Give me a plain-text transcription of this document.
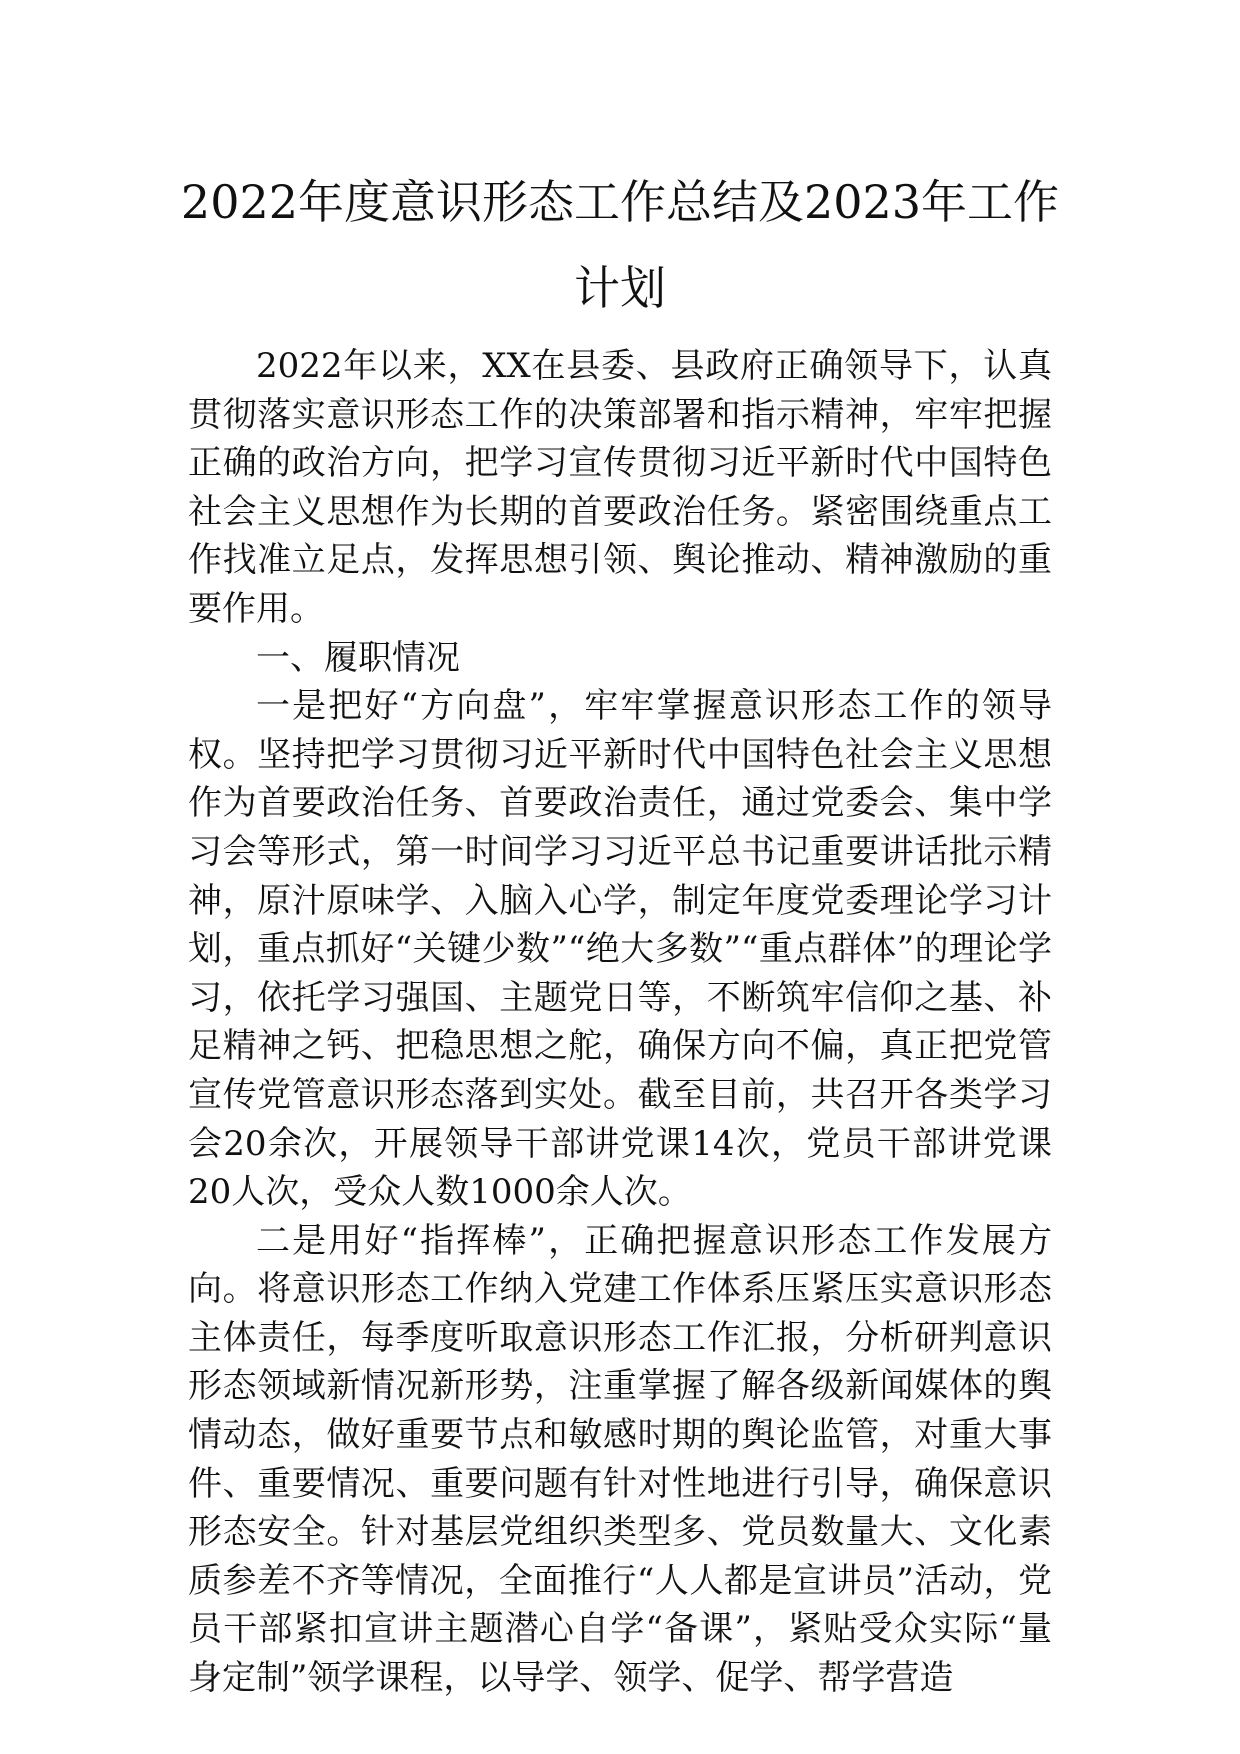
2022年度意识形态工作总结及2023年工作
计划

2022年以来，XX在县委、县政府正确领导下，认真贯彻落实意识形态工作的决策部署和指示精神，牢牢把握正确的政治方向，把学习宣传贯彻习近平新时代中国特色社会主义思想作为长期的首要政治任务。紧密围绕重点工作找准立足点，发挥思想引领、舆论推动、精神激励的重要作用。

一、履职情况

一是把好“方向盘”，牢牢掌握意识形态工作的领导权。坚持把学习贯彻习近平新时代中国特色社会主义思想作为首要政治任务、首要政治责任，通过党委会、集中学习会等形式，第一时间学习习近平总书记重要讲话批示精神，原汁原味学、入脑入心学，制定年度党委理论学习计划，重点抓好“关键少数”“绝大多数”“重点群体”的理论学习，依托学习强国、主题党日等，不断筑牢信仰之基、补足精神之钙、把稳思想之舵，确保方向不偏，真正把党管宣传党管意识形态落到实处。截至目前，共召开各类学习会20余次，开展领导干部讲党课14次，党员干部讲党课20人次，受众人数1000余人次。

二是用好“指挥棒”，正确把握意识形态工作发展方向。将意识形态工作纳入党建工作体系压紧压实意识形态主体责任，每季度听取意识形态工作汇报，分析研判意识形态领域新情况新形势，注重掌握了解各级新闻媒体的舆情动态，做好重要节点和敏感时期的舆论监管，对重大事件、重要情况、重要问题有针对性地进行引导，确保意识形态安全。针对基层党组织类型多、党员数量大、文化素质参差不齐等情况，全面推行“人人都是宣讲员”活动，党员干部紧扣宣讲主题潜心自学“备课”，紧贴受众实际“量身定制”领学课程，以导学、领学、促学、帮学营造
